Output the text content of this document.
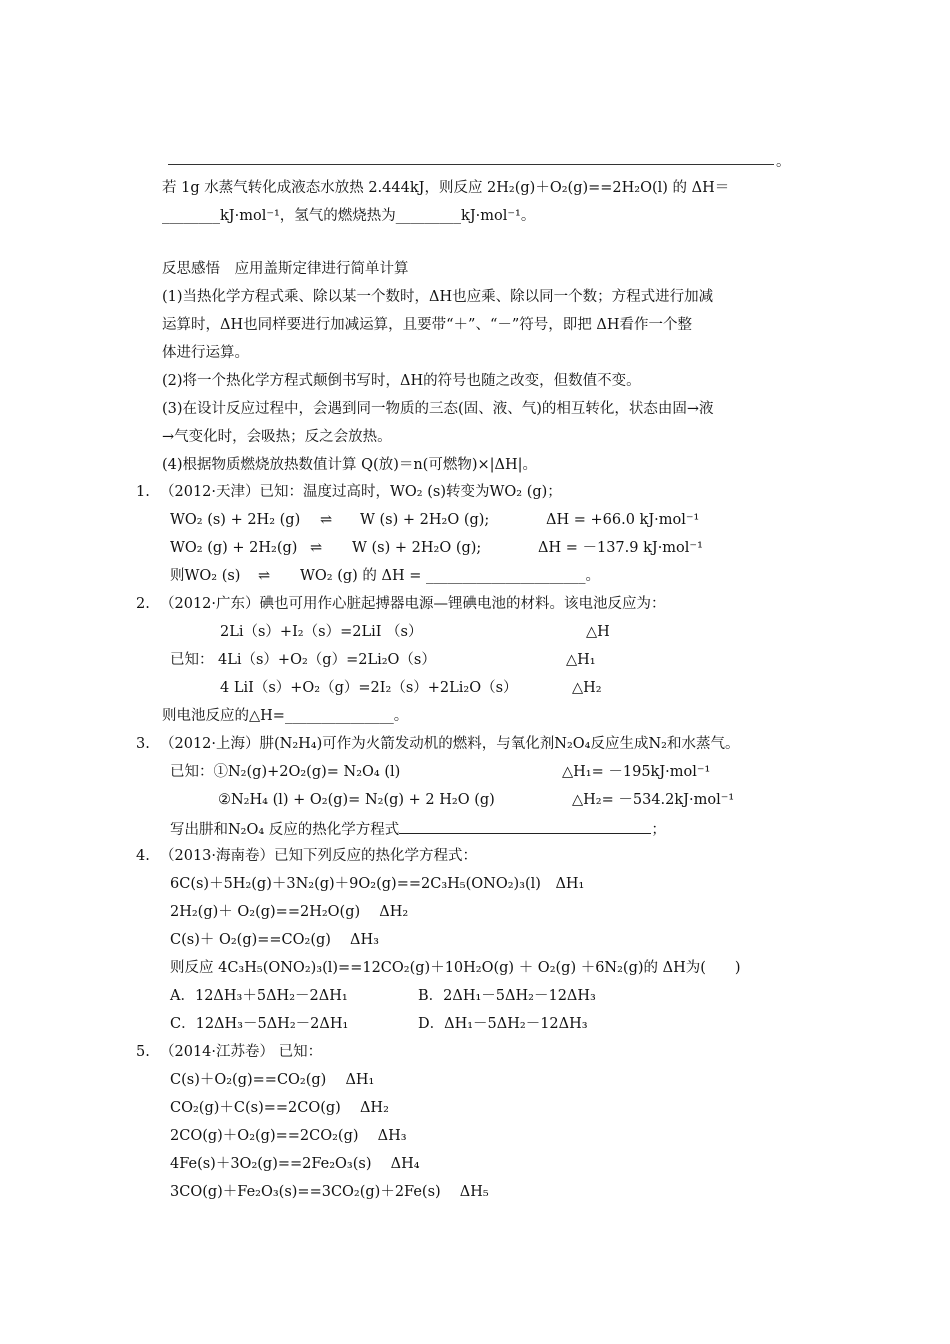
。
若 1g 水蒸气转化成液态水放热 2.444kJ，则反应 2H₂(g)＋O₂(g)==2H₂O(l) 的 ΔH＝
________kJ·mol⁻¹，氢气的燃烧热为_________kJ·mol⁻¹。
反思感悟　应用盖斯定律进行简单计算
(1)当热化学方程式乘、除以某一个数时，ΔH也应乘、除以同一个数；方程式进行加减
运算时，ΔH也同样要进行加减运算，且要带“＋”、“－”符号，即把 ΔH看作一个整
体进行运算。
(2)将一个热化学方程式颠倒书写时，ΔH的符号也随之改变，但数值不变。
(3)在设计反应过程中，会遇到同一物质的三态(固、液、气)的相互转化，状态由固→液
→气变化时，会吸热；反之会放热。
(4)根据物质燃烧放热数值计算 Q(放)＝n(可燃物)×|ΔH|。
1. （2012·天津）已知：温度过高时，WO₂ (s)转变为WO₂ (g)；
WO₂ (s) + 2H₂ (g) ⇌ W (s) + 2H₂O (g);	ΔH = +66.0 kJ·mol⁻¹
WO₂ (g) + 2H₂(g) ⇌ W (s) + 2H₂O (g);	ΔH = －137.9 kJ·mol⁻¹
则WO₂ (s) ⇌ WO₂ (g) 的 ΔH = ______________________。
2. （2012·广东）碘也可用作心脏起搏器电源—锂碘电池的材料。该电池反应为：
2Li（s）+I₂（s）=2LiI （s）	△H
已知： 4Li（s）+O₂（g）=2Li₂O（s）	△H₁
4 LiI（s）+O₂（g）=2I₂（s）+2Li₂O（s）	△H₂
则电池反应的△H=_______________。
3. （2012·上海）肼(N₂H₄)可作为火箭发动机的燃料，与氧化剂N₂O₄反应生成N₂和水蒸气。
已知：①N₂(g)+2O₂(g)= N₂O₄ (l)	△H₁= －195kJ·mol⁻¹
②N₂H₄ (l) + O₂(g)= N₂(g) + 2 H₂O (g)	△H₂= －534.2kJ·mol⁻¹
写出肼和N₂O₄ 反应的热化学方程式	；
4. （2013·海南卷）已知下列反应的热化学方程式：
6C(s)＋5H₂(g)＋3N₂(g)＋9O₂(g)==2C₃H₅(ONO₂)₃(l)　ΔH₁
2H₂(g)＋ O₂(g)==2H₂O(g)　 ΔH₂
C(s)＋ O₂(g)==CO₂(g)　 ΔH₃
则反应 4C₃H₅(ONO₂)₃(l)==12CO₂(g)＋10H₂O(g) ＋ O₂(g) ＋6N₂(g)的 ΔH为(　　)
A．12ΔH₃＋5ΔH₂－2ΔH₁	B．2ΔH₁－5ΔH₂－12ΔH₃
C．12ΔH₃－5ΔH₂－2ΔH₁	D．ΔH₁－5ΔH₂－12ΔH₃
5. （2014·江苏卷） 已知：
C(s)＋O₂(g)==CO₂(g)　 ΔH₁
CO₂(g)＋C(s)==2CO(g)　 ΔH₂
2CO(g)＋O₂(g)==2CO₂(g)　 ΔH₃
4Fe(s)＋3O₂(g)==2Fe₂O₃(s)　 ΔH₄
3CO(g)＋Fe₂O₃(s)==3CO₂(g)＋2Fe(s)　 ΔH₅
